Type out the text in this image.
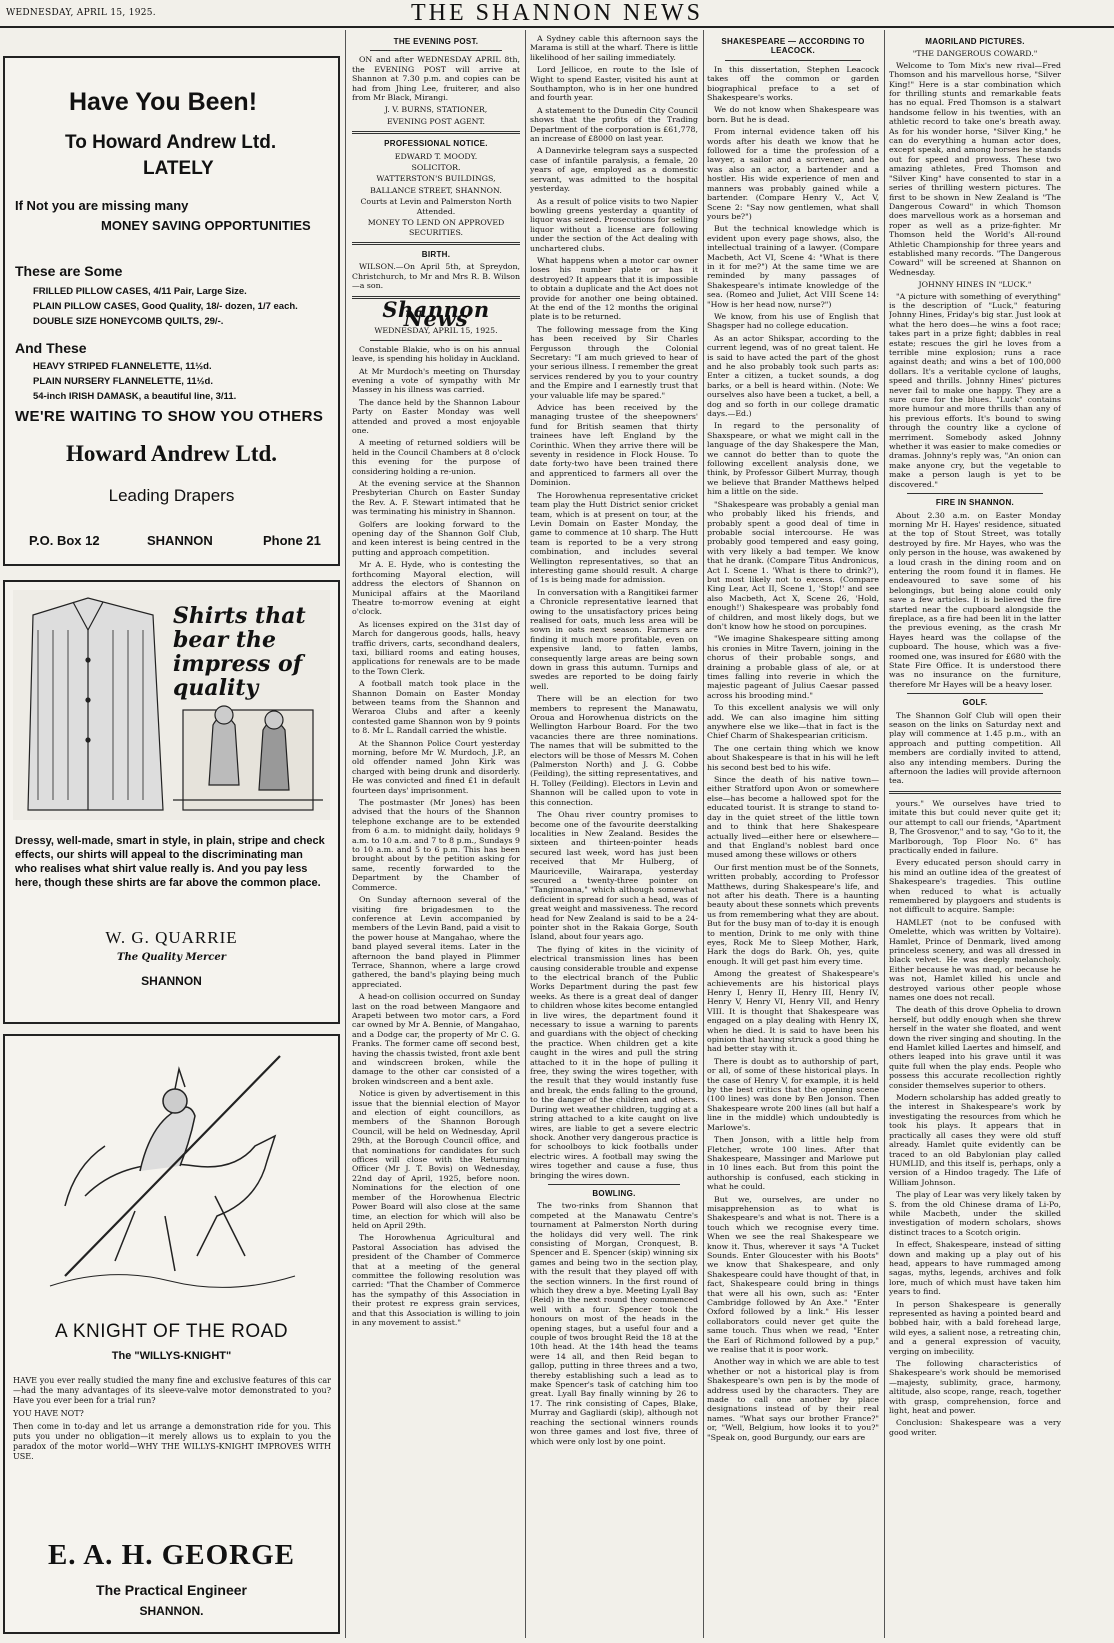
WEDNESDAY, APRIL 15, 1925.	THE SHANNON NEWS
Have You Been!
To Howard Andrew Ltd.
LATELY
If Not you are missing many
MONEY SAVING OPPORTUNITIES
These are Some
FRILLED PILLOW CASES, 4/11 Pair, Large Size.
PLAIN PILLOW CASES, Good Quality, 18/- dozen, 1/7 each.
DOUBLE SIZE HONEYCOMB QUILTS, 29/-.
And These
HEAVY STRIPED FLANNELETTE, 11½d.
PLAIN NURSERY FLANNELETTE, 11½d.
54-inch IRISH DAMASK, a beautiful line, 3/11.
WE'RE WAITING TO SHOW YOU OTHERS
Howard Andrew Ltd.
Leading Drapers
P.O. Box 12	SHANNON	Phone 21
Shirts that bear the impress of quality
Dressy, well-made, smart in style, in plain, stripe and check effects, our shirts will appeal to the discriminating man who realises what shirt value really is. And you pay less here, though these shirts are far above the common place.
W. G. QUARRIE
The Quality Mercer
SHANNON
A KNIGHT OF THE ROAD
The "WILLYS-KNIGHT"
HAVE you ever really studied the many fine and exclusive features of this car—had the many advantages of its sleeve-valve motor demonstrated to you? Have you ever been for a trial run?
YOU HAVE NOT?
Then come in to-day and let us arrange a demonstration ride for you. This puts you under no obligation—it merely allows us to explain to you the paradox of the motor world—WHY THE WILLYS-KNIGHT IMPROVES WITH USE.
E. A. H. GEORGE
The Practical Engineer
SHANNON.
THE EVENING POST.

ON and after WEDNESDAY APRIL 8th, the EVENING POST will arrive at Shannon at 7.30 p.m. and copies can be had from Jhing Lee, fruiterer, and also from Mr Black, Mirangi.

J. V. BURNS, STATIONER,

EVENING POST AGENT.

PROFESSIONAL NOTICE.

EDWARD T. MOODY.

SOLICITOR.

WATTERSTON'S BUILDINGS,

BALLANCE STREET, SHANNON.

Courts at Levin and Palmerston North Attended.

MONEY TO LEND ON APPROVED SECURITIES.

BIRTH.

WILSON.—On April 5th, at Spreydon, Christchurch, to Mr and Mrs R. B. Wilson—a son.

Shannon News

WEDNESDAY, APRIL 15, 1925.

Constable Blakie, who is on his annual leave, is spending his holiday in Auckland.

At Mr Murdoch's meeting on Thursday evening a vote of sympathy with Mr Massey in his illness was carried.

The dance held by the Shannon Labour Party on Easter Monday was well attended and proved a most enjoyable one.

A meeting of returned soldiers will be held in the Council Chambers at 8 o'clock this evening for the purpose of considering holding a re-union.

At the evening service at the Shannon Presbyterian Church on Easter Sunday the Rev. A. F. Stewart intimated that he was terminating his ministry in Shannon.

Golfers are looking forward to the opening day of the Shannon Golf Club, and keen interest is being centred in the putting and approach competition.

Mr A. E. Hyde, who is contesting the forthcoming Mayoral election, will address the electors of Shannon on Municipal affairs at the Maoriland Theatre to-morrow evening at eight o'clock.

As licenses expired on the 31st day of March for dangerous goods, halls, heavy traffic drivers, carts, secondhand dealers, taxi, billiard rooms and eating houses, applications for renewals are to be made to the Town Clerk.

A football match took place in the Shannon Domain on Easter Monday between teams from the Shannon and Weraroa Clubs and after a keenly contested game Shannon won by 9 points to 8. Mr L. Randall carried the whistle.

At the Shannon Police Court yesterday morning, before Mr W. Murdoch, J.P., an old offender named John Kirk was charged with being drunk and disorderly. He was convicted and fined £1 in default fourteen days' imprisonment.

The postmaster (Mr Jones) has been advised that the hours of the Shannon telephone exchange are to be extended from 6 a.m. to midnight daily, holidays 9 a.m. to 10 a.m. and 7 to 8 p.m., Sundays 9 to 10 a.m. and 5 to 6 p.m. This has been brought about by the petition asking for same, recently forwarded to the Department by the Chamber of Commerce.

On Sunday afternoon several of the visiting fire brigadesmen to the conference at Levin accompanied by members of the Levin Band, paid a visit to the power house at Mangahao, where the band played several items. Later in the afternoon the band played in Plimmer Terrace, Shannon, where a large crowd gathered, the band's playing being much appreciated.

A head-on collision occurred on Sunday last on the road between Mangaore and Arapeti between two motor cars, a Ford car owned by Mr A. Bennie, of Mangahao, and a Dodge car, the property of Mr C. G. Franks. The former came off second best, having the chassis twisted, front axle bent and windscreen broken, while the damage to the other car consisted of a broken windscreen and a bent axle.

Notice is given by advertisement in this issue that the biennial election of Mayor and election of eight councillors, as members of the Shannon Borough Council, will be held on Wednesday, April 29th, at the Borough Council office, and that nominations for candidates for such offices will close with the Returning Officer (Mr J. T. Bovis) on Wednesday, 22nd day of April, 1925, before noon. Nominations for the election of one member of the Horowhenua Electric Power Board will also close at the same time, an election for which will also be held on April 29th.

The Horowhenua Agricultural and Pastoral Association has advised the president of the Chamber of Commerce that at a meeting of the general committee the following resolution was carried: "That the Chamber of Commerce has the sympathy of this Association in their protest re express grain services, and that this Association is willing to join in any movement to assist."

A Sydney cable this afternoon says the Marama is still at the wharf. There is little likelihood of her sailing immediately.

Lord Jellicoe, en route to the Isle of Wight to spend Easter, visited his aunt at Southampton, who is in her one hundred and fourth year.

A statement to the Dunedin City Council shows that the profits of the Trading Department of the corporation is £61,778, an increase of £8000 on last year.

A Dannevirke telegram says a suspected case of infantile paralysis, a female, 20 years of age, employed as a domestic servant, was admitted to the hospital yesterday.

As a result of police visits to two Napier bowling greens yesterday a quantity of liquor was seized. Prosecutions for selling liquor without a license are following under the section of the Act dealing with unchartered clubs.

What happens when a motor car owner loses his number plate or has it destroyed? It appears that it is impossible to obtain a duplicate and the Act does not provide for another one being obtained. At the end of the 12 months the original plate is to be returned.

The following message from the King has been received by Sir Charles Fergusson through the Colonial Secretary: "I am much grieved to hear of your serious illness. I remember the great services rendered by you to your country and the Empire and I earnestly trust that your valuable life may be spared."

Advice has been received by the managing trustee of the sheepowners' fund for British seamen that thirty trainees have left England by the Corinthic. When they arrive there will be seventy in residence in Flock House. To date forty-two have been trained there and apprenticed to farmers all over the Dominion.

The Horowhenua representative cricket team play the Hutt District senior cricket team, which is at present on tour, at the Levin Domain on Easter Monday, the game to commence at 10 sharp. The Hutt team is reported to be a very strong combination, and includes several Wellington representatives, so that an interesting game should result. A charge of 1s is being made for admission.

In conversation with a Rangitikei farmer a Chronicle representative learned that owing to the unsatisfactory prices being realised for oats, much less area will be sown in oats next season. Farmers are finding it much more profitable, even on expensive land, to fatten lambs, consequently large areas are being sown down in grass this autumn. Turnips and swedes are reported to be doing fairly well.

There will be an election for two members to represent the Manawatu, Oroua and Horowhenua districts on the Wellington Harbour Board. For the two vacancies there are three nominations. The names that will be submitted to the electors will be those of Messrs M. Cohen (Palmerston North) and J. G. Cobbe (Feilding), the sitting representatives, and H. Tolley (Feilding). Electors in Levin and Shannon will be called upon to vote in this connection.

The Ohau river country promises to become one of the favourite deerstalking localities in New Zealand. Besides the sixteen and thirteen-pointer heads secured last week, word has just been received that Mr Hulberg, of Mauriceville, Wairarapa, yesterday secured a twenty-three pointer on "Tangimoana," which although somewhat deficient in spread for such a head, was of great weight and massiveness. The record head for New Zealand is said to be a 24-pointer shot in the Rakaia Gorge, South Island, about four years ago.

The flying of kites in the vicinity of electrical transmission lines has been causing considerable trouble and expense to the electrical branch of the Public Works Department during the past few weeks. As there is a great deal of danger to children whose kites become entangled in live wires, the department found it necessary to issue a warning to parents and guardians with the object of checking the practice. When children get a kite caught in the wires and pull the string attached to it in the hope of pulling it free, they swing the wires together, with the result that they would instantly fuse and break, the ends falling to the ground, to the danger of the children and others. During wet weather children, tugging at a string attached to a kite caught on live wires, are liable to get a severe electric shock. Another very dangerous practice is for schoolboys to kick footballs under electric wires. A football may swing the wires together and cause a fuse, thus bringing the wires down.

BOWLING.

The two-rinks from Shannon that competed at the Manawatu Centre's tournament at Palmerston North during the holidays did very well. The rink consisting of Morgan, Cronquest, B. Spencer and E. Spencer (skip) winning six games and being two in the section play, with the result that they played off with the section winners. In the first round of which they drew a bye. Meeting Lyall Bay (Reid) in the next round they commenced well with a four. Spencer took the honours on most of the heads in the opening stages, but a useful four and a couple of twos brought Reid the 18 at the 10th head. At the 14th head the teams were 14 all, and then Reid began to gallop, putting in three threes and a two, thereby establishing such a lead as to make Spencer's task of catching him too great. Lyall Bay finally winning by 26 to 17. The rink consisting of Capes, Blake, Murray and Gagliardi (skip), although not reaching the sectional winners rounds won three games and lost five, three of which were only lost by one point.

SHAKESPEARE — ACCORDING TO LEACOCK.

In this dissertation, Stephen Leacock takes off the common or garden biographical preface to a set of Shakespeare's works.

We do not know when Shakespeare was born. But he is dead.

From internal evidence taken off his words after his death we know that he followed for a time the profession of a lawyer, a sailor and a scrivener, and he was also an actor, a bartender and a hostler. His wide experience of men and manners was probably gained while a bartender. (Compare Henry V., Act V, Scene 2: "Say now gentlemen, what shall yours be?")

But the technical knowledge which is evident upon every page shows, also, the intellectual training of a lawyer. (Compare Macbeth, Act VI, Scene 4: "What is there in it for me?") At the same time we are reminded by many passages of Shakespeare's intimate knowledge of the sea. (Romeo and Juliet, Act VIII Scene 14: "How is her head now, nurse?")

We know, from his use of English that Shagsper had no college education.

As an actor Shikspar, according to the current legend, was of no great talent. He is said to have acted the part of the ghost and he also probably took such parts as: Enter a citizen, a tucket sounds, a dog barks, or a bell is heard within. (Note: We ourselves also have been a tucket, a bell, a dog and so forth in our college dramatic days.—Ed.)

In regard to the personality of Shaxspeare, or what we might call in the language of the day Shakespere the Man, we cannot do better than to quote the following excellent analysis done, we think, by Professor Gilbert Murray, though we believe that Brander Matthews helped him a little on the side.

"Shakespeare was probably a genial man who probably liked his friends, and probably spent a good deal of time in probable social intercourse. He was probably good tempered and easy going, with very likely a bad temper. We know that he drank. (Compare Titus Andronicus, Act I. Scene 1. 'What is there to drink?'), but most likely not to excess. (Compare King Lear, Act II, Scene 1, 'Stop!' and see also Macbeth, Act X, Scene 26, 'Hold, enough!') Shakespeare was probably fond of children, and most likely dogs, but we don't know how he stood on porcupines.

"We imagine Shakespeare sitting among his cronies in Mitre Tavern, joining in the chorus of their probable songs, and draining a probable glass of ale, or at times falling into reverie in which the majestic pageant of Julius Caesar passed across his brooding mind."

To this excellent analysis we will only add. We can also imagine him sitting anywhere else we like—that in fact is the Chief Charm of Shakespearian criticism.

The one certain thing which we know about Shakespeare is that in his will he left his second best bed to his wife.

Since the death of his native town—either Stratford upon Avon or somewhere else—has become a hallowed spot for the educated tourist. It is strange to stand to-day in the quiet street of the little town and to think that here Shakespeare actually lived—either here or elsewhere—and that England's noblest bard once mused among these willows or others

Our first mention must be of the Sonnets, written probably, according to Professor Matthews, during Shakespeare's life, and not after his death. There is a haunting beauty about these sonnets which prevents us from remembering what they are about. But for the busy man of to-day it is enough to mention, Drink to me only with thine eyes, Rock Me to Sleep Mother, Hark, Hark the dogs do Bark. Oh, yes, quite enough. It will get past him every time.

Among the greatest of Shakespeare's achievements are his historical plays Henry I, Henry II, Henry III, Henry IV, Henry V, Henry VI, Henry VII, and Henry VIII. It is thought that Shakespeare was engaged on a play dealing with Henry IX, when he died. It is said to have been his opinion that having struck a good thing he had better stay with it.

There is doubt as to authorship of part, or all, of some of these historical plays. In the case of Henry V, for example, it is held by the best critics that the opening scene (100 lines) was done by Ben Jonson. Then Shakespeare wrote 200 lines (all but half a line in the middle) which undoubtedly is Marlowe's.

Then Jonson, with a little help from Fletcher, wrote 100 lines. After that Shakespeare, Massinger and Marlowe put in 10 lines each. But from this point the authorship is confused, each sticking in what he could.

But we, ourselves, are under no misapprehension as to what is Shakespeare's and what is not. There is a touch which we recognise every time. When we see the real Shakespeare we know it. Thus, wherever it says "A Tucket Sounds. Enter Gloucester with his Boots" we know that Shakespeare, and only Shakespeare could have thought of that, in fact, Shakespeare could bring in things that were all his own, such as: "Enter Cambridge followed by An Axe." "Enter Oxford followed by a link." His lesser collaborators could never get quite the same touch. Thus when we read, "Enter the Earl of Richmond followed by a pup," we realise that it is poor work.

Another way in which we are able to test whether or not a historical play is from Shakespeare's own pen is by the mode of address used by the characters. They are made to call one another by place designations instead of by their real names. "What says our brother France?" or, "Well, Belgium, how looks it to you?" "Speak on, good Burgundy, our ears are

MAORILAND PICTURES.

"THE DANGEROUS COWARD."

Welcome to Tom Mix's new rival—Fred Thomson and his marvellous horse, "Silver King!" Here is a star combination which for thrilling stunts and remarkable feats has no equal. Fred Thomson is a stalwart handsome fellow in his twenties, with an athletic record to take one's breath away. As for his wonder horse, "Silver King," he can do everything a human actor does, except speak, and among horses he stands out for speed and prowess. These two amazing athletes, Fred Thomson and "Silver King" have consented to star in a series of thrilling western pictures. The first to be shown in New Zealand is "The Dangerous Coward" in which Thomson does marvellous work as a horseman and roper as well as a prize-fighter. Mr Thomson held the World's All-round Athletic Championship for three years and established many records. "The Dangerous Coward" will be screened at Shannon on Wednesday.

JOHNNY HINES IN "LUCK."

"A picture with something of everything" is the description of "Luck," featuring Johnny Hines, Friday's big star. Just look at what the hero does—he wins a foot race; takes part in a prize fight; dabbles in real estate; rescues the girl he loves from a terrible mine explosion; runs a race against death; and wins a bet of 100,000 dollars. It's a veritable cyclone of laughs, speed and thrills. Johnny Hines' pictures never fail to make one happy. They are a sure cure for the blues. "Luck" contains more humour and more thrills than any of his previous efforts. It's bound to swing through the country like a cyclone of merriment. Somebody asked Johnny whether it was easier to make comedies or dramas. Johnny's reply was, "An onion can make anyone cry, but the vegetable to make a person laugh is yet to be discovered."

FIRE IN SHANNON.

About 2.30 a.m. on Easter Monday morning Mr H. Hayes' residence, situated at the top of Stout Street, was totally destroyed by fire. Mr Hayes, who was the only person in the house, was awakened by a loud crash in the dining room and on entering the room found it in flames. He endeavoured to save some of his belongings, but being alone could only save a few articles. It is believed the fire started near the cupboard alongside the fireplace, as a fire had been lit in the latter the previous evening, as the crash Mr Hayes heard was the collapse of the cupboard. The house, which was a five-roomed one, was insured for £680 with the State Fire Office. It is understood there was no insurance on the furniture, therefore Mr Hayes will be a heavy loser.

GOLF.

The Shannon Golf Club will open their season on the links on Saturday next and play will commence at 1.45 p.m., with an approach and putting competition. All members are cordially invited to attend, also any intending members. During the afternoon the ladies will provide afternoon tea.

yours." We ourselves have tried to imitate this but could never quite get it; our attempt to call our friends, "Apartment B, The Grosvenor," and to say, "Go to it, the Marlborough, Top Floor No. 6" has practically ended in failure.

Every educated person should carry in his mind an outline idea of the greatest of Shakespeare's tragedies. This outline when reduced to what is actually remembered by playgoers and students is not difficult to acquire. Sample:

HAMLET (not to be confused with Omelette, which was written by Voltaire). Hamlet, Prince of Denmark, lived among princeless scenery, and was all dressed in black velvet. He was deeply melancholy. Either because he was mad, or because he was not, Hamlet killed his uncle and destroyed various other people whose names one does not recall.

The death of this drove Ophelia to drown herself, but oddly enough when she threw herself in the water she floated, and went down the river singing and shouting. In the end Hamlet killed Laertes and himself, and others leaped into his grave until it was quite full when the play ends. People who possess this accurate recollection rightly consider themselves superior to others.

Modern scholarship has added greatly to the interest in Shakespeare's work by investigating the resources from which he took his plays. It appears that in practically all cases they were old stuff already. Hamlet quite evidently can be traced to an old Babylonian play called HUMLID, and this itself is, perhaps, only a version of a Hindoo tragedy. The Life of William Johnson.

The play of Lear was very likely taken by S. from the old Chinese drama of Li-Po, while Macbeth, under the skilled investigation of modern scholars, shows distinct traces to a Scotch origin.

In effect, Shakespeare, instead of sitting down and making up a play out of his head, appears to have rummaged among sagas, myths, legends, archives and folk lore, much of which must have taken him years to find.

In person Shakespeare is generally represented as having a pointed beard and bobbed hair, with a bald forehead large, wild eyes, a salient nose, a retreating chin, and a general expression of vacuity, verging on imbecility.

The following characteristics of Shakespeare's work should be memorised—majesty, sublimity, grace, harmony, altitude, also scope, range, reach, together with grasp, comprehension, force and light, heat and power.

Conclusion: Shakespeare was a very good writer.
